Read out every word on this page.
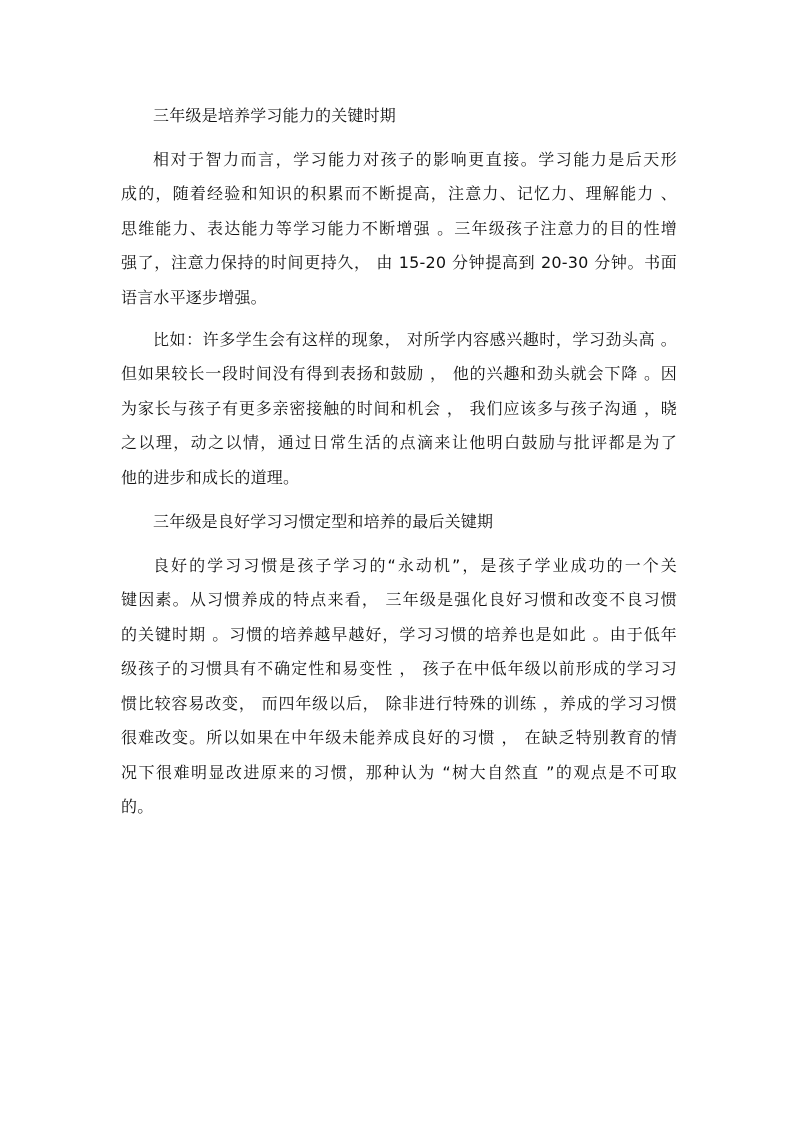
三年级是培养学习能力的关键时期
相对于智力而言，学习能力对孩子的影响更直接。学习能力是后天形
成的，随着经验和知识的积累而不断提高，注意力、记忆力、理解能力 、
思维能力、表达能力等学习能力不断增强 。三年级孩子注意力的目的性增
强了，注意力保持的时间更持久， 由 15-20 分钟提高到 20-30 分钟。书面
语言水平逐步增强。
比如：许多学生会有这样的现象， 对所学内容感兴趣时，学习劲头高 。
但如果较长一段时间没有得到表扬和鼓励 ， 他的兴趣和劲头就会下降 。因
为家长与孩子有更多亲密接触的时间和机会 ， 我们应该多与孩子沟通 ，晓
之以理，动之以情，通过日常生活的点滴来让他明白鼓励与批评都是为了
他的进步和成长的道理。
三年级是良好学习习惯定型和培养的最后关键期
良好的学习习惯是孩子学习的“永动机”，是孩子学业成功的一个关
键因素。从习惯养成的特点来看， 三年级是强化良好习惯和改变不良习惯
的关键时期 。习惯的培养越早越好，学习习惯的培养也是如此 。由于低年
级孩子的习惯具有不确定性和易变性 ， 孩子在中低年级以前形成的学习习
惯比较容易改变， 而四年级以后， 除非进行特殊的训练 ，养成的学习习惯
很难改变。所以如果在中年级未能养成良好的习惯 ， 在缺乏特别教育的情
况下很难明显改进原来的习惯，那种认为 “树大自然直 ”的观点是不可取
的。
